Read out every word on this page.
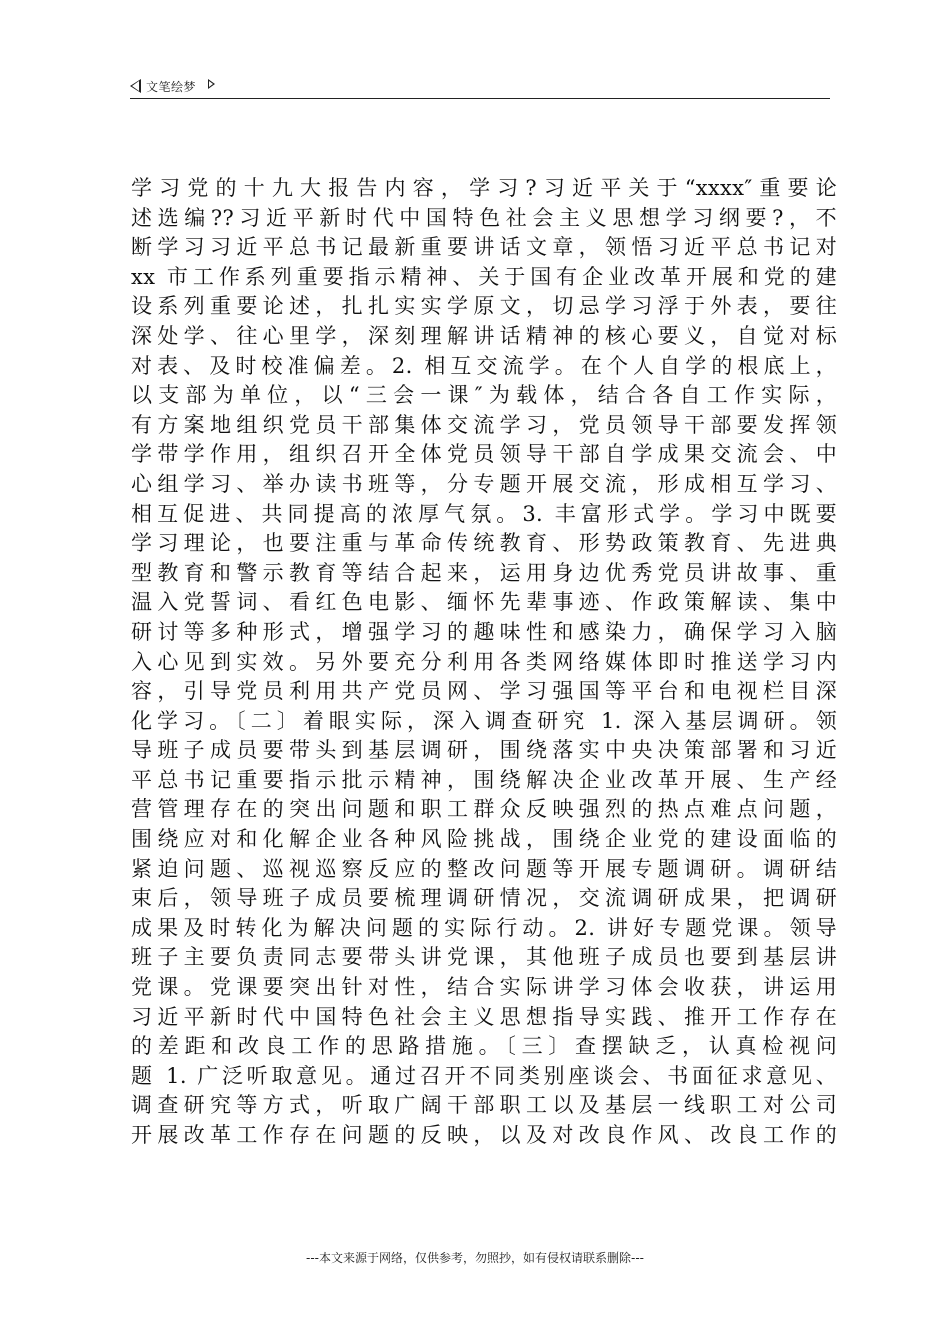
文笔绘梦
学习党的十九大报告内容，学习?习近平关于“xxxx″重要论
述选编??习近平新时代中国特色社会主义思想学习纲要?，不
断学习习近平总书记最新重要讲话文章，领悟习近平总书记对
xx 市工作系列重要指示精神、关于国有企业改革开展和党的建
设系列重要论述，扎扎实实学原文，切忌学习浮于外表，要往
深处学、往心里学，深刻理解讲话精神的核心要义，自觉对标
对表、及时校准偏差。2. 相互交流学。在个人自学的根底上，
以支部为单位，以“三会一课″为载体，结合各自工作实际，
有方案地组织党员干部集体交流学习，党员领导干部要发挥领
学带学作用，组织召开全体党员领导干部自学成果交流会、中
心组学习、举办读书班等，分专题开展交流，形成相互学习、
相互促进、共同提高的浓厚气氛。3. 丰富形式学。学习中既要
学习理论，也要注重与革命传统教育、形势政策教育、先进典
型教育和警示教育等结合起来，运用身边优秀党员讲故事、重
温入党誓词、看红色电影、缅怀先辈事迹、作政策解读、集中
研讨等多种形式，增强学习的趣味性和感染力，确保学习入脑
入心见到实效。另外要充分利用各类网络媒体即时推送学习内
容，引导党员利用共产党员网、学习强国等平台和电视栏目深
化学习。〔二〕着眼实际，深入调查研究 1. 深入基层调研。领
导班子成员要带头到基层调研，围绕落实中央决策部署和习近
平总书记重要指示批示精神，围绕解决企业改革开展、生产经
营管理存在的突出问题和职工群众反映强烈的热点难点问题，
围绕应对和化解企业各种风险挑战，围绕企业党的建设面临的
紧迫问题、巡视巡察反应的整改问题等开展专题调研。调研结
束后，领导班子成员要梳理调研情况，交流调研成果，把调研
成果及时转化为解决问题的实际行动。2. 讲好专题党课。领导
班子主要负责同志要带头讲党课，其他班子成员也要到基层讲
党课。党课要突出针对性，结合实际讲学习体会收获，讲运用
习近平新时代中国特色社会主义思想指导实践、推开工作存在
的差距和改良工作的思路措施。〔三〕查摆缺乏，认真检视问
题 1. 广泛听取意见。通过召开不同类别座谈会、书面征求意见、
调查研究等方式，听取广阔干部职工以及基层一线职工对公司
开展改革工作存在问题的反映，以及对改良作风、改良工作的
---本文来源于网络，仅供参考，勿照抄，如有侵权请联系删除---
